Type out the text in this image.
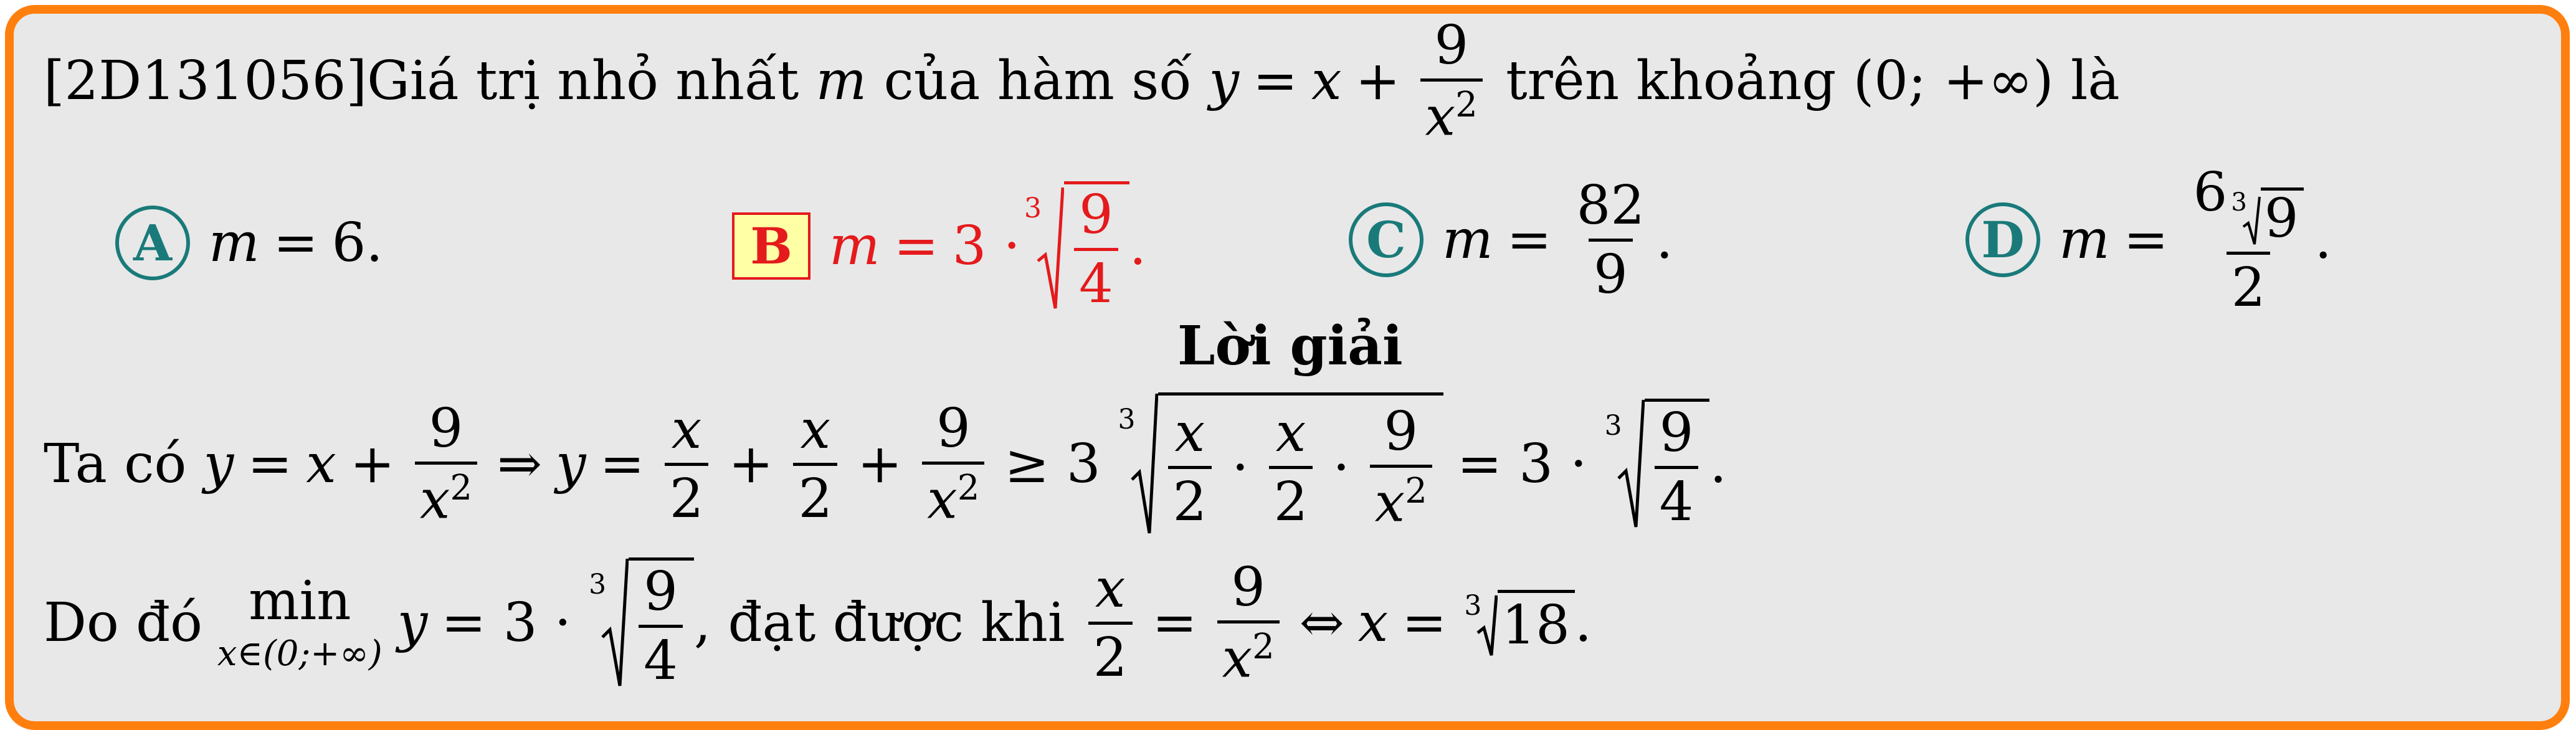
[2D131056] Giá trị nhỏ nhất
m
của hàm số
$y = x + \frac{9}{x^2}$
trên khoảng
(0; +∞)
là
A m = 6.	B m = 3 ·
$3 \frac{9}{4}$ .	C $m = \frac{82}{9}$ .	D $m = \frac{6 3 9}{2}$ .
Lời giải
Ta có
$y = x + \frac{9}{x^2}$ ⇒ $y = \frac{x}{2} + \frac{x}{2} + \frac{9}{x^2} \ge 3$
$3 \frac{x}{2} \cdot \frac{x}{2} \cdot \frac{9}{x^2} = 3$ ·
$3 \frac{9}{4}$ .
Do đó min
x∈(0;+∞) y = 3 ·
$3 \frac{9}{4}$ , đạt được khi
$\frac{x}{2} = \frac{9}{x^2}$ ⇔ x = 3 18 .
